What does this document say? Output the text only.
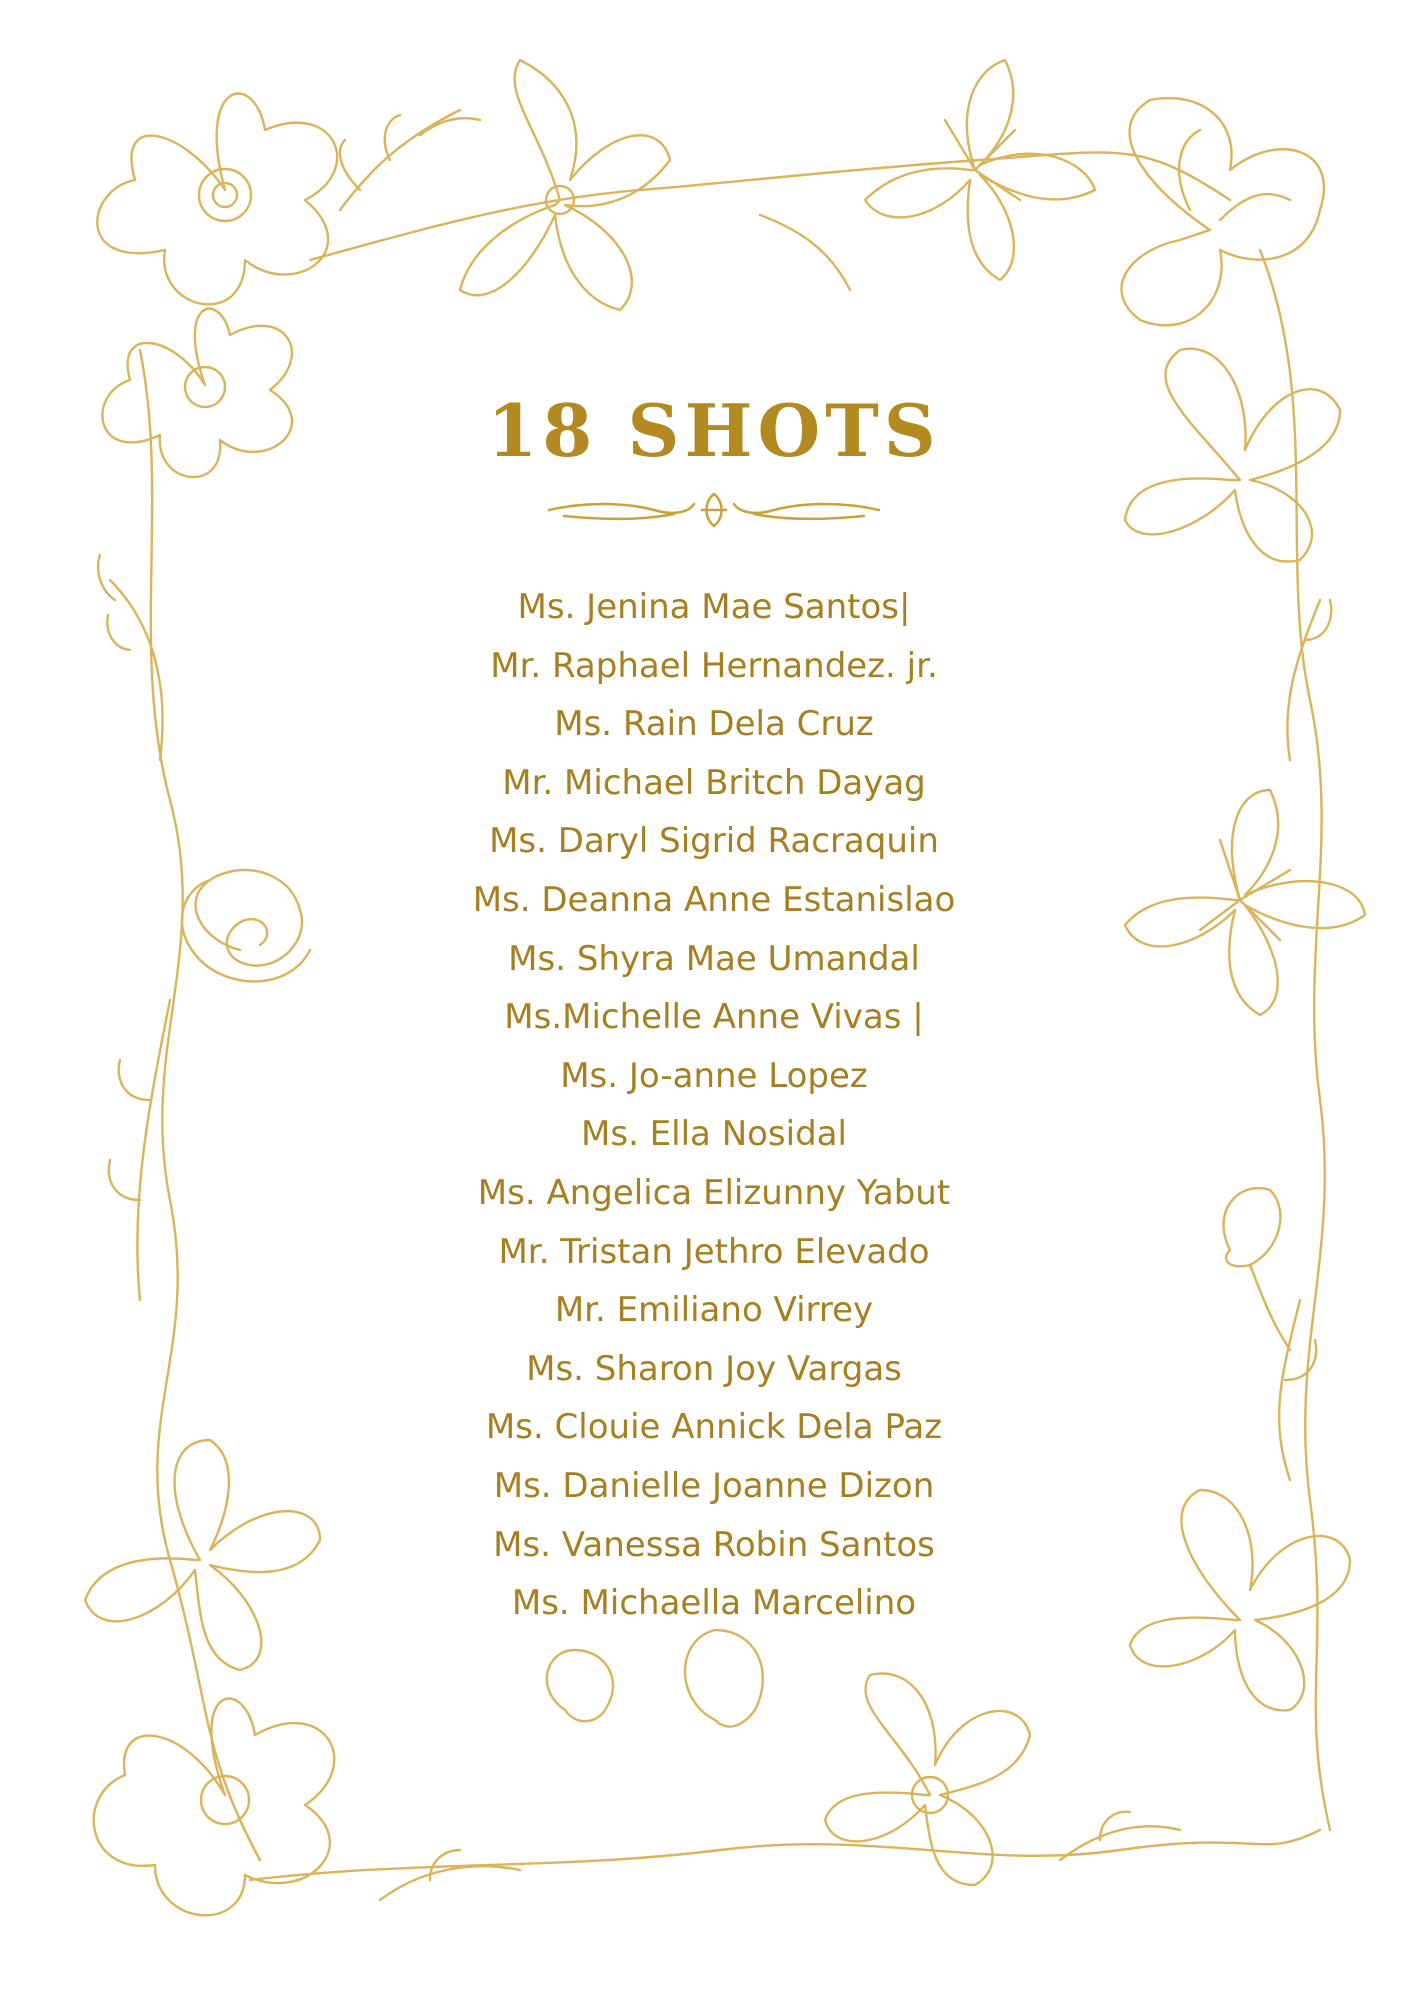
18 SHOTS
Ms. Jenina Mae Santos|
Mr. Raphael Hernandez. jr.
Ms. Rain Dela Cruz
Mr. Michael Britch Dayag
Ms. Daryl Sigrid Racraquin
Ms. Deanna Anne Estanislao
Ms. Shyra Mae Umandal
Ms.Michelle Anne Vivas |
Ms. Jo-anne Lopez
Ms. Ella Nosidal
Ms. Angelica Elizunny Yabut
Mr. Tristan Jethro Elevado
Mr. Emiliano Virrey
Ms. Sharon Joy Vargas
Ms. Clouie Annick Dela Paz
Ms. Danielle Joanne Dizon
Ms. Vanessa Robin Santos
Ms. Michaella Marcelino
